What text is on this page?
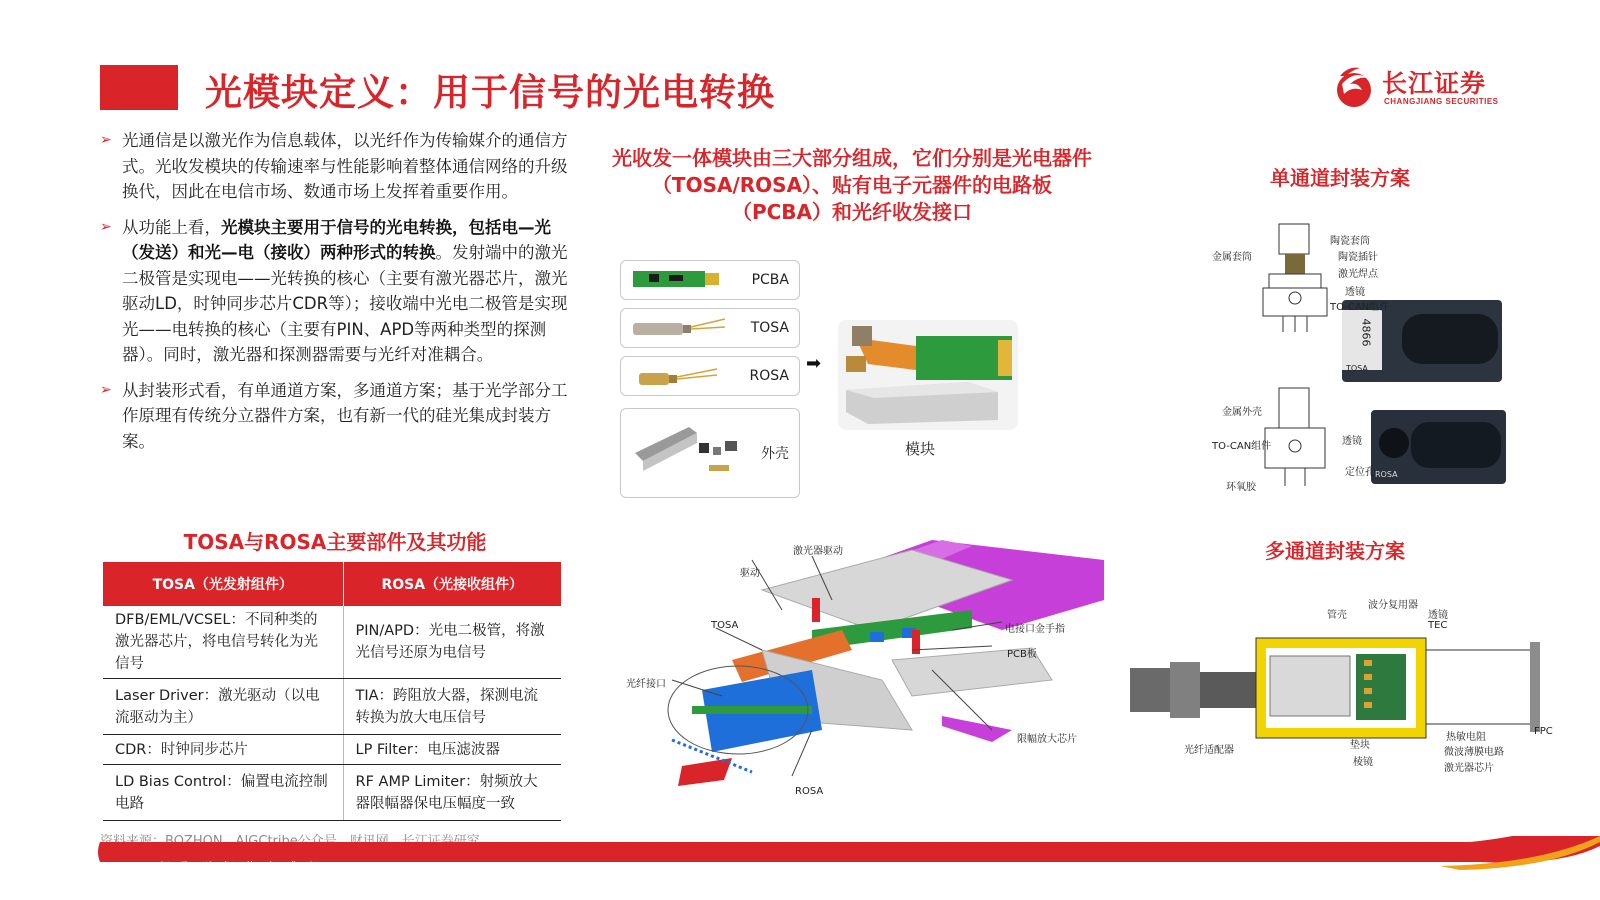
光模块定义：用于信号的光电转换	长江证券
CHANGJIANG SECURITIES
➢ 光通信是以激光作为信息载体，以光纤作为传输媒介的通信方式。光收发模块的传输速率与性能影响着整体通信网络的升级换代，因此在电信市场、数通市场上发挥着重要作用。
➢ 从功能上看，光模块主要用于信号的光电转换，包括电—光（发送）和光—电（接收）两种形式的转换。发射端中的激光二极管是实现电——光转换的核心（主要有激光器芯片，激光驱动LD，时钟同步芯片CDR等）；接收端中光电二极管是实现光——电转换的核心（主要有PIN、APD等两种类型的探测器）。同时，激光器和探测器需要与光纤对准耦合。
➢ 从封装形式看，有单通道方案，多通道方案；基于光学部分工作原理有传统分立器件方案，也有新一代的硅光集成封装方案。
TOSA与ROSA主要部件及其功能
TOSA（光发射组件）	ROSA（光接收组件）
DFB/EML/VCSEL：不同种类的激光器芯片，将电信号转化为光信号	PIN/APD：光电二极管，将激光信号还原为电信号
Laser Driver：激光驱动（以电流驱动为主）	TIA：跨阻放大器，探测电流转换为放大电压信号
CDR：时钟同步芯片	LP Filter：电压滤波器
LD Bias Control：偏置电流控制电路	RF AMP Limiter：射频放大器限幅器保电压幅度一致
资料来源：BOZHON，AIGCtribe公众号，财讯网，长江证券研究
汇 聚 财 智 共 享 成 长
光收发一体模块由三大部分组成，它们分别是光电器件（TOSA/ROSA）、贴有电子元器件的电路板（PCBA）和光纤收发接口
PCBA
TOSA
ROSA
外壳
➡
模块
激光器驱动
驱动
TOSA	电接口金手指
PCB板
光纤接口
限幅放大芯片
ROSA
单通道封装方案
4866
TOSA
金属套筒
陶瓷套筒
陶瓷插针
激光焊点
透镜
TO-CAN组件
ROSA
金属外壳
透镜
TO-CAN组件
定位孔
环氧胶
多通道封装方案
管壳
波分复用器
透镜
TEC
FPC
光纤适配器	垫块
棱镜
热敏电阻
微波薄膜电路
激光器芯片
